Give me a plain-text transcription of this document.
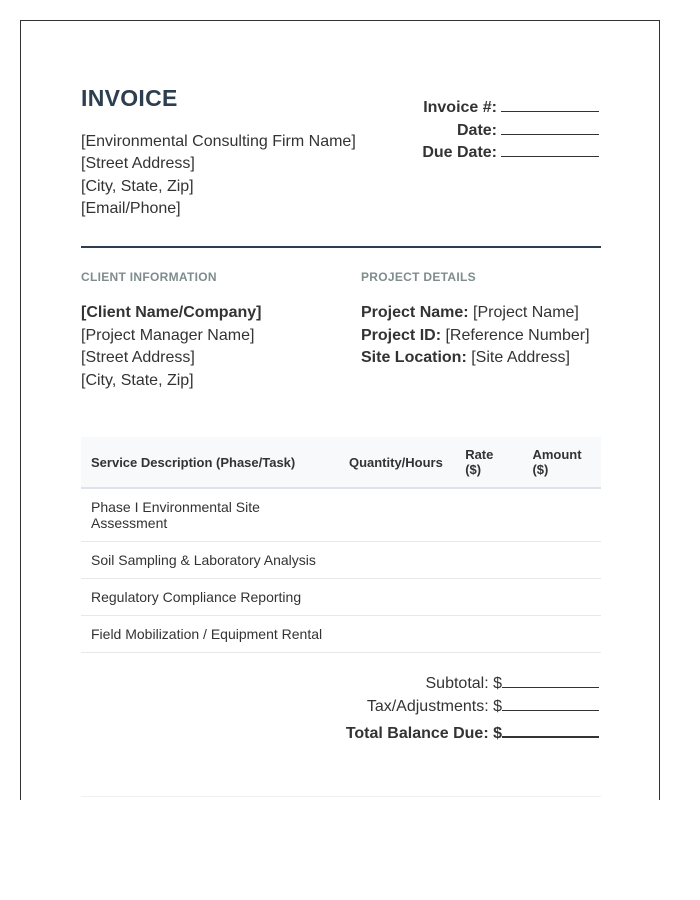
INVOICE
[Environmental Consulting Firm Name]
[Street Address]
[City, State, Zip]
[Email/Phone]
Invoice #:
Date:
Due Date:
CLIENT INFORMATION	PROJECT DETAILS
[Client Name/Company]
[Project Manager Name]
[Street Address]
[City, State, Zip]
Project Name: [Project Name]
Project ID: [Reference Number]
Site Location: [Site Address]
Service Description (Phase/Task)	Quantity/Hours	Rate ($)	Amount ($)
Phase I Environmental Site Assessment			
Soil Sampling & Laboratory Analysis			
Regulatory Compliance Reporting			
Field Mobilization / Equipment Rental			
Subtotal: $
Tax/Adjustments: $
Total Balance Due: $
